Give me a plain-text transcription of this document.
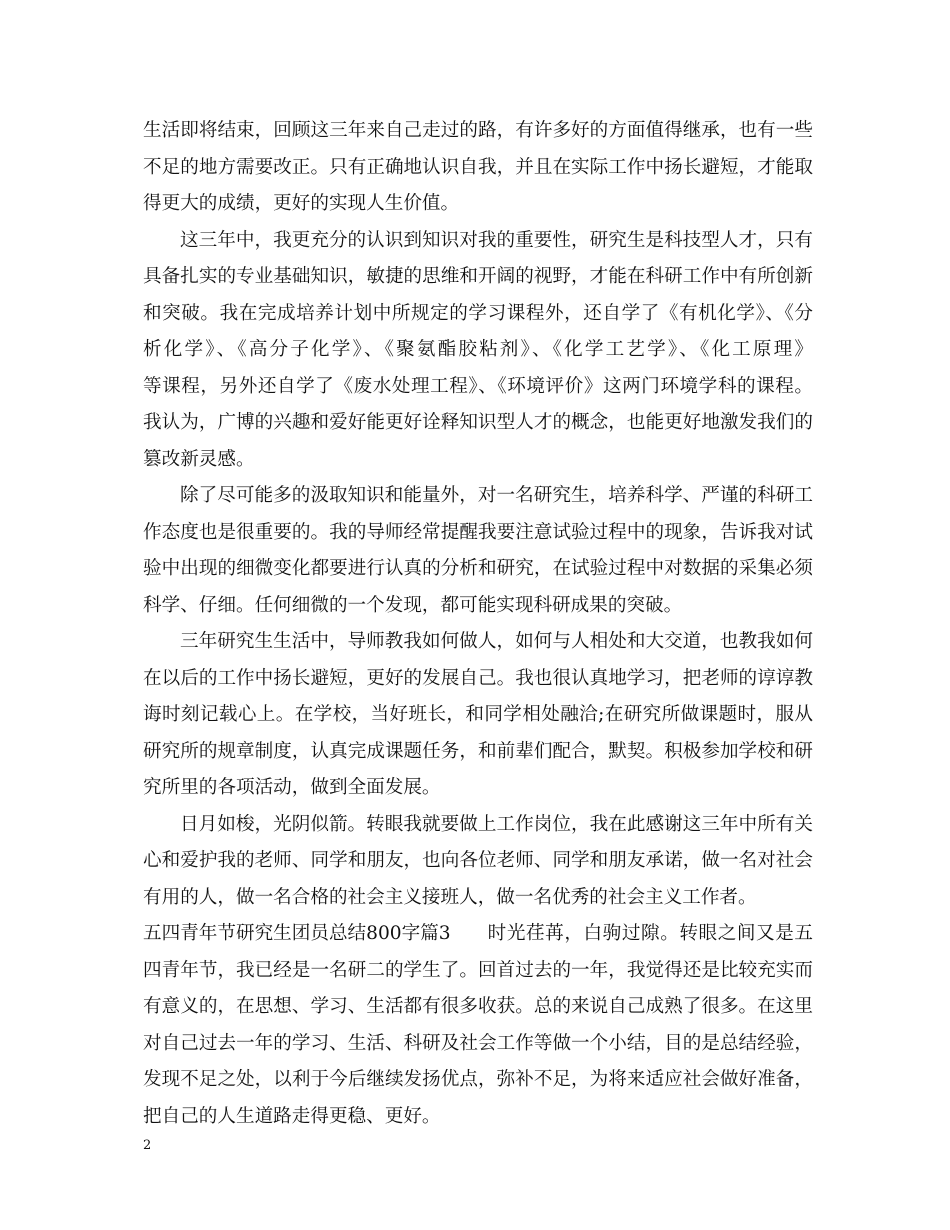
生活即将结束，回顾这三年来自己走过的路，有许多好的方面值得继承，也有一些
不足的地方需要改正。只有正确地认识自我，并且在实际工作中扬长避短，才能取
得更大的成绩，更好的实现人生价值。
这三年中，我更充分的认识到知识对我的重要性，研究生是科技型人才，只有
具备扎实的专业基础知识，敏捷的思维和开阔的视野，才能在科研工作中有所创新
和突破。我在完成培养计划中所规定的学习课程外，还自学了《有机化学》、《分
析化学》、《高分子化学》、《聚氨酯胶粘剂》、《化学工艺学》、《化工原理》
等课程，另外还自学了《废水处理工程》、《环境评价》这两门环境学科的课程。
我认为，广博的兴趣和爱好能更好诠释知识型人才的概念，也能更好地激发我们的
篡改新灵感。
除了尽可能多的汲取知识和能量外，对一名研究生，培养科学、严谨的科研工
作态度也是很重要的。我的导师经常提醒我要注意试验过程中的现象，告诉我对试
验中出现的细微变化都要进行认真的分析和研究，在试验过程中对数据的采集必须
科学、仔细。任何细微的一个发现，都可能实现科研成果的突破。
三年研究生生活中，导师教我如何做人，如何与人相处和大交道，也教我如何
在以后的工作中扬长避短，更好的发展自己。我也很认真地学习，把老师的谆谆教
诲时刻记载心上。在学校，当好班长，和同学相处融洽;在研究所做课题时，服从
研究所的规章制度，认真完成课题任务，和前辈们配合，默契。积极参加学校和研
究所里的各项活动，做到全面发展。
日月如梭，光阴似箭。转眼我就要做上工作岗位，我在此感谢这三年中所有关
心和爱护我的老师、同学和朋友，也向各位老师、同学和朋友承诺，做一名对社会
有用的人，做一名合格的社会主义接班人，做一名优秀的社会主义工作者。
五四青年节研究生团员总结800字篇3 时光荏苒，白驹过隙。转眼之间又是五
四青年节，我已经是一名研二的学生了。回首过去的一年，我觉得还是比较充实而
有意义的，在思想、学习、生活都有很多收获。总的来说自己成熟了很多。在这里
对自己过去一年的学习、生活、科研及社会工作等做一个小结，目的是总结经验，
发现不足之处，以利于今后继续发扬优点，弥补不足，为将来适应社会做好准备，
把自己的人生道路走得更稳、更好。
2
